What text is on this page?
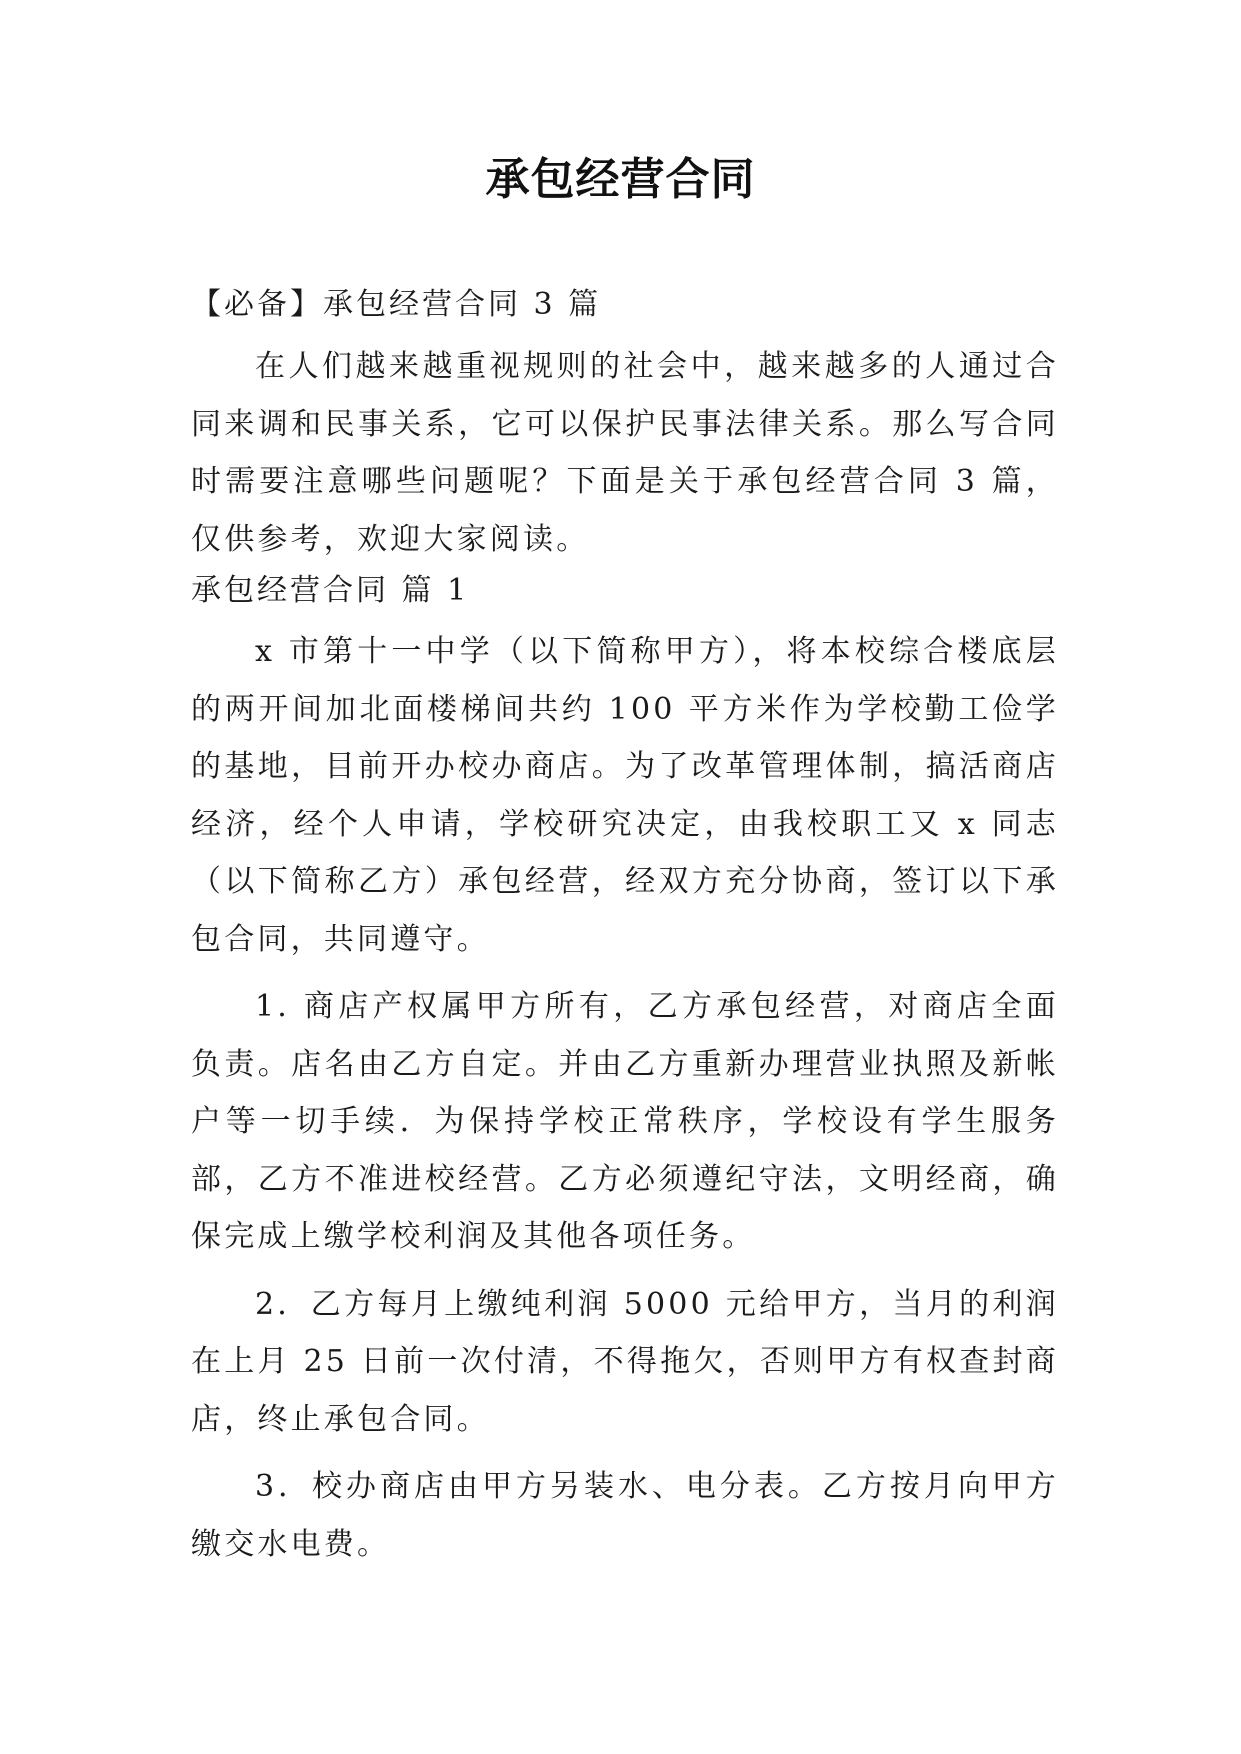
承包经营合同

【必备】承包经营合同 3 篇

在人们越来越重视规则的社会中，越来越多的人通过合同来调和民事关系，它可以保护民事法律关系。那么写合同时需要注意哪些问题呢？下面是关于承包经营合同 3 篇，仅供参考，欢迎大家阅读。

承包经营合同 篇 1

x 市第十一中学（以下简称甲方），将本校综合楼底层的两开间加北面楼梯间共约 100 平方米作为学校勤工俭学的基地，目前开办校办商店。为了改革管理体制，搞活商店经济，经个人申请，学校研究决定，由我校职工又 x 同志（以下简称乙方）承包经营，经双方充分协商，签订以下承包合同，共同遵守。

1. 商店产权属甲方所有，乙方承包经营，对商店全面负责。店名由乙方自定。并由乙方重新办理营业执照及新帐户等一切手续．为保持学校正常秩序，学校设有学生服务部，乙方不准进校经营。乙方必须遵纪守法，文明经商，确保完成上缴学校利润及其他各项任务。

2．乙方每月上缴纯利润 5000 元给甲方，当月的利润在上月 25 日前一次付清，不得拖欠，否则甲方有权查封商店，终止承包合同。

3．校办商店由甲方另装水、电分表。乙方按月向甲方缴交水电费。
